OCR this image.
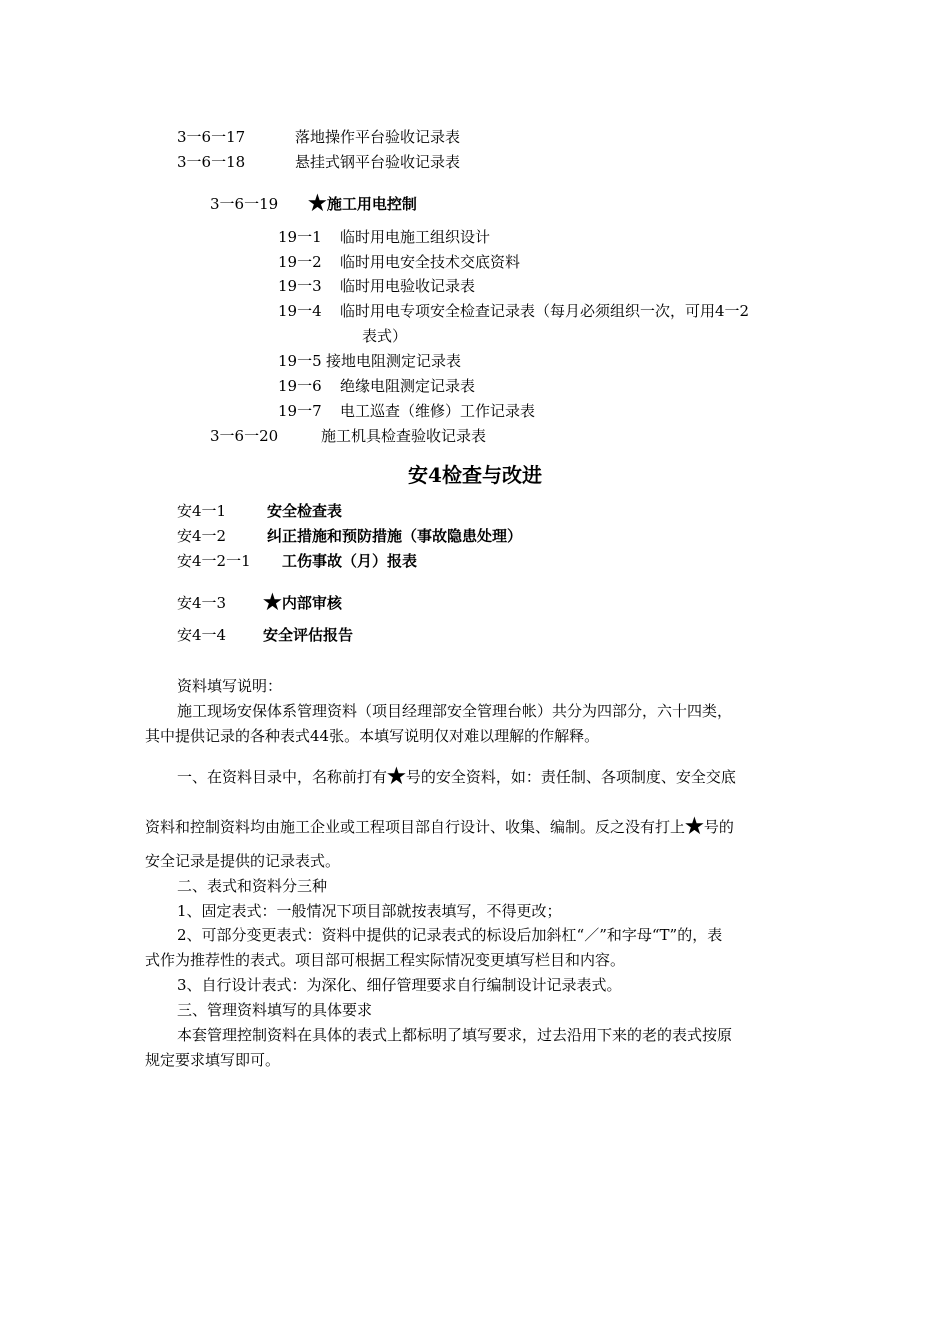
3一6一17	落地操作平台验收记录表
3一6一18	悬挂式钢平台验收记录表
3一6一19 ★施工用电控制
19一1 临时用电施工组织设计
19一2 临时用电安全技术交底资料
19一3 临时用电验收记录表
19一4 临时用电专项安全检查记录表（每月必须组织一次，可用4一2
表式）
19一5 接地电阻测定记录表
19一6 绝缘电阻测定记录表
19一7 电工巡查（维修）工作记录表
3一6一20	施工机具检查验收记录表
安4检查与改进
安4一1	安全检查表
安4一2	纠正措施和预防措施（事故隐患处理）
安4一2一1 工伤事故（月）报表
安4一3 ★内部审核
安4一4 安全评估报告
资料填写说明：
施工现场安保体系管理资料（项目经理部安全管理台帐）共分为四部分，六十四类，
其中提供记录的各种表式44张。本填写说明仅对难以理解的作解释。
一、在资料目录中，名称前打有★号的安全资料，如：责任制、各项制度、安全交底
资料和控制资料均由施工企业或工程项目部自行设计、收集、编制。反之没有打上★号的
安全记录是提供的记录表式。
二、表式和资料分三种
1、固定表式：一般情况下项目部就按表填写，不得更改；
2、可部分变更表式：资料中提供的记录表式的标设后加斜杠“／”和字母“T”的，表
式作为推荐性的表式。项目部可根据工程实际情况变更填写栏目和内容。
3、自行设计表式：为深化、细仔管理要求自行编制设计记录表式。
三、管理资料填写的具体要求
本套管理控制资料在具体的表式上都标明了填写要求，过去沿用下来的老的表式按原
规定要求填写即可。
